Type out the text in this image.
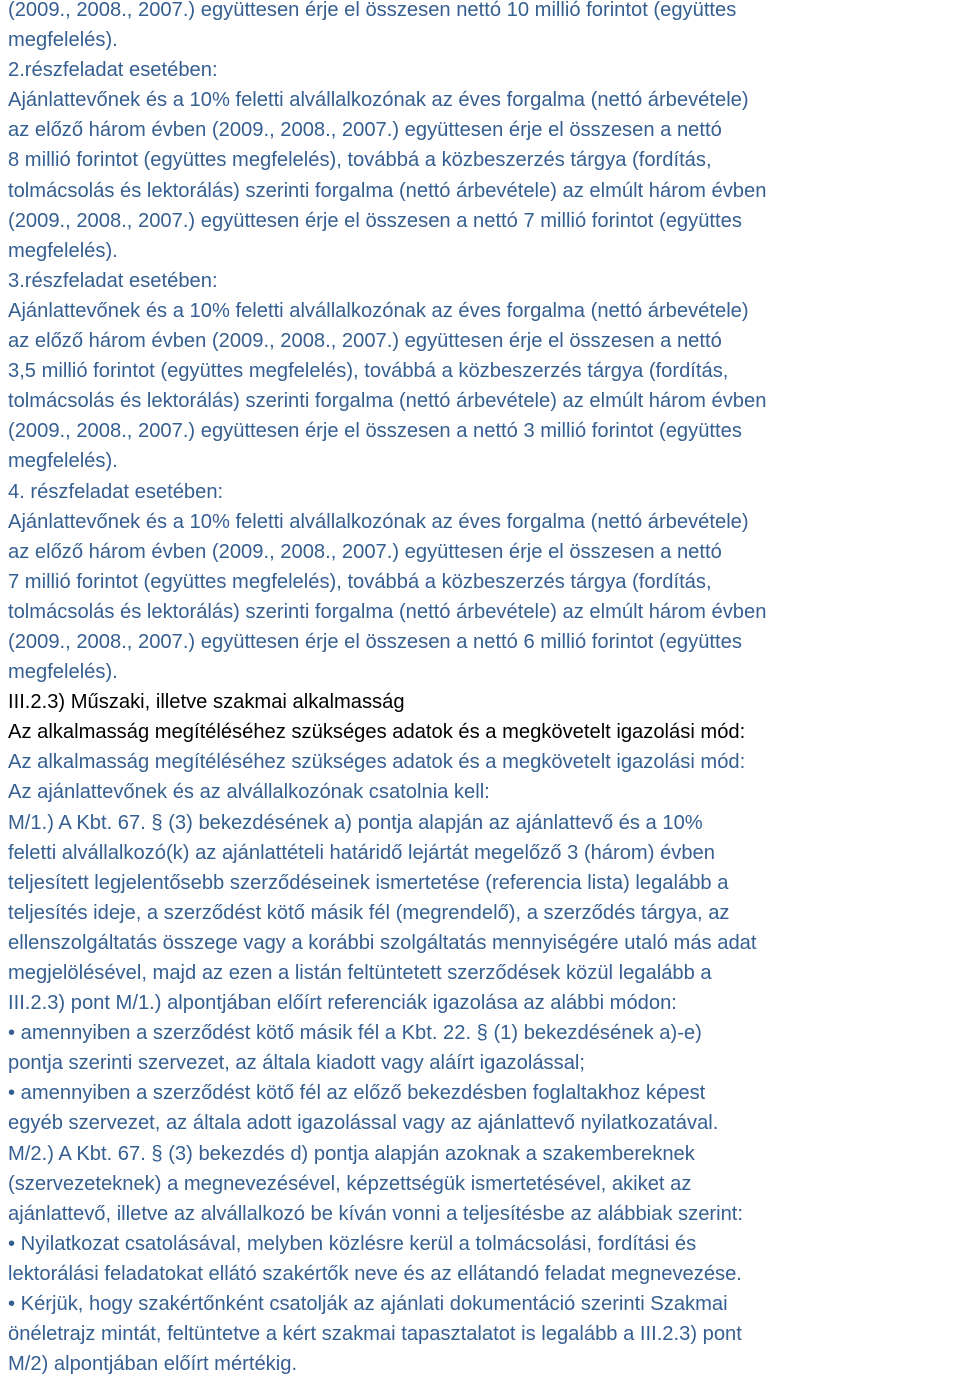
(2009., 2008., 2007.) együttesen érje el összesen nettó 10 millió forintot (együttes
megfelelés).
2.részfeladat esetében:
Ajánlattevőnek és a 10% feletti alvállalkozónak az éves forgalma (nettó árbevétele)
az előző három évben (2009., 2008., 2007.) együttesen érje el összesen a nettó
8 millió forintot (együttes megfelelés), továbbá a közbeszerzés tárgya (fordítás,
tolmácsolás és lektorálás) szerinti forgalma (nettó árbevétele) az elmúlt három évben
(2009., 2008., 2007.) együttesen érje el összesen a nettó 7 millió forintot (együttes
megfelelés).
3.részfeladat esetében:
Ajánlattevőnek és a 10% feletti alvállalkozónak az éves forgalma (nettó árbevétele)
az előző három évben (2009., 2008., 2007.) együttesen érje el összesen a nettó
3,5 millió forintot (együttes megfelelés), továbbá a közbeszerzés tárgya (fordítás,
tolmácsolás és lektorálás) szerinti forgalma (nettó árbevétele) az elmúlt három évben
(2009., 2008., 2007.) együttesen érje el összesen a nettó 3 millió forintot (együttes
megfelelés).
4. részfeladat esetében:
Ajánlattevőnek és a 10% feletti alvállalkozónak az éves forgalma (nettó árbevétele)
az előző három évben (2009., 2008., 2007.) együttesen érje el összesen a nettó
7 millió forintot (együttes megfelelés), továbbá a közbeszerzés tárgya (fordítás,
tolmácsolás és lektorálás) szerinti forgalma (nettó árbevétele) az elmúlt három évben
(2009., 2008., 2007.) együttesen érje el összesen a nettó 6 millió forintot (együttes
megfelelés).
III.2.3) Műszaki, illetve szakmai alkalmasság
Az alkalmasság megítéléséhez szükséges adatok és a megkövetelt igazolási mód:
Az alkalmasság megítéléséhez szükséges adatok és a megkövetelt igazolási mód:
Az ajánlattevőnek és az alvállalkozónak csatolnia kell:
M/1.) A Kbt. 67. § (3) bekezdésének a) pontja alapján az ajánlattevő és a 10%
feletti alvállalkozó(k) az ajánlattételi határidő lejártát megelőző 3 (három) évben
teljesített legjelentősebb szerződéseinek ismertetése (referencia lista) legalább a
teljesítés ideje, a szerződést kötő másik fél (megrendelő), a szerződés tárgya, az
ellenszolgáltatás összege vagy a korábbi szolgáltatás mennyiségére utaló más adat
megjelölésével, majd az ezen a listán feltüntetett szerződések közül legalább a
III.2.3) pont M/1.) alpontjában előírt referenciák igazolása az alábbi módon:
• amennyiben a szerződést kötő másik fél a Kbt. 22. § (1) bekezdésének a)-e)
pontja szerinti szervezet, az általa kiadott vagy aláírt igazolással;
• amennyiben a szerződést kötő fél az előző bekezdésben foglaltakhoz képest
egyéb szervezet, az általa adott igazolással vagy az ajánlattevő nyilatkozatával.
M/2.) A Kbt. 67. § (3) bekezdés d) pontja alapján azoknak a szakembereknek
(szervezeteknek) a megnevezésével, képzettségük ismertetésével, akiket az
ajánlattevő, illetve az alvállalkozó be kíván vonni a teljesítésbe az alábbiak szerint:
• Nyilatkozat csatolásával, melyben közlésre kerül a tolmácsolási, fordítási és
lektorálási feladatokat ellátó szakértők neve és az ellátandó feladat megnevezése.
• Kérjük, hogy szakértőnként csatolják az ajánlati dokumentáció szerinti Szakmai
önéletrajz mintát, feltüntetve a kért szakmai tapasztalatot is legalább a III.2.3) pont
M/2) alpontjában előírt mértékig.
